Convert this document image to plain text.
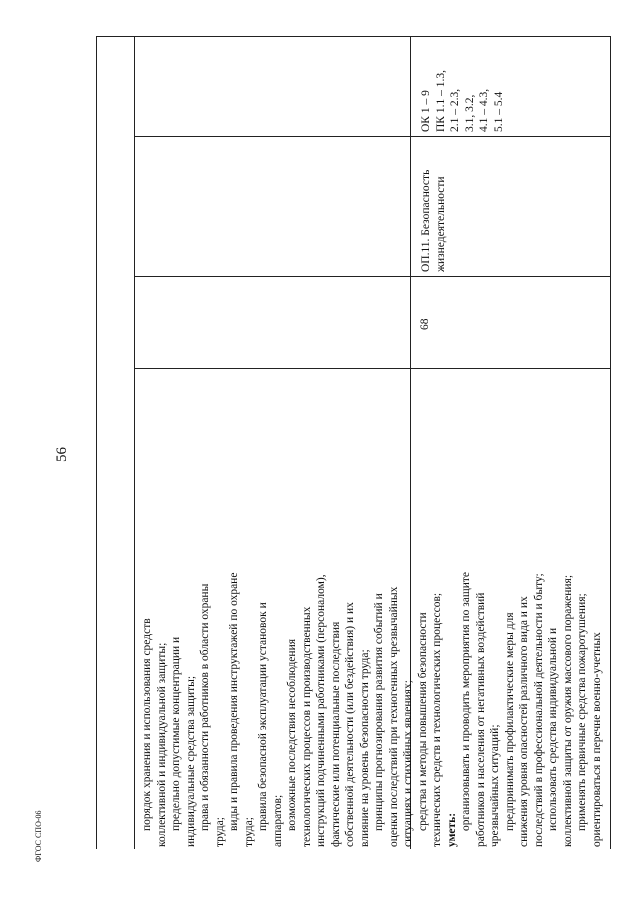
56
ФГОС СПО-06
порядок хранения и использования средств коллективной и индивидуальной защиты; предельно допустимые концентрации и индивидуальные средства защиты; права и обязанности работников в области охраны
труда;
виды и правила проведения инструктажей по охране
труда;
правила безопасной эксплуатации установок и аппаратов; возможные последствия несоблюдения технологических процессов и производственных инструкций подчиненными работниками (персоналом), фактические или потенциальные последствия собственной деятельности (или бездействия) и их влияние на уровень безопасности труда; принципы прогнозирования развития событий и оценки последствий при техногенных чрезвычайных ситуациях и стихийных явлениях; средства и методы повышения безопасности технических средств и технологических процессов; уметь: организовывать и проводить мероприятия по защите работников и населения от негативных воздействий чрезвычайных ситуаций; предпринимать профилактические меры для снижения уровня опасностей различного вида и их последствий в профессиональной деятельности и быту; использовать средства индивидуальной и коллективной защиты от оружия массового поражения; применять первичные средства пожаротушения; ориентироваться в перечне военно-учетных
68
ОП.11. Безопасность жизнедеятельности
ОК 1 – 9 ПК 1.1 – 1.3, 2.1 – 2.3, 3.1, 3.2, 4.1 – 4.3, 5.1 – 5.4
